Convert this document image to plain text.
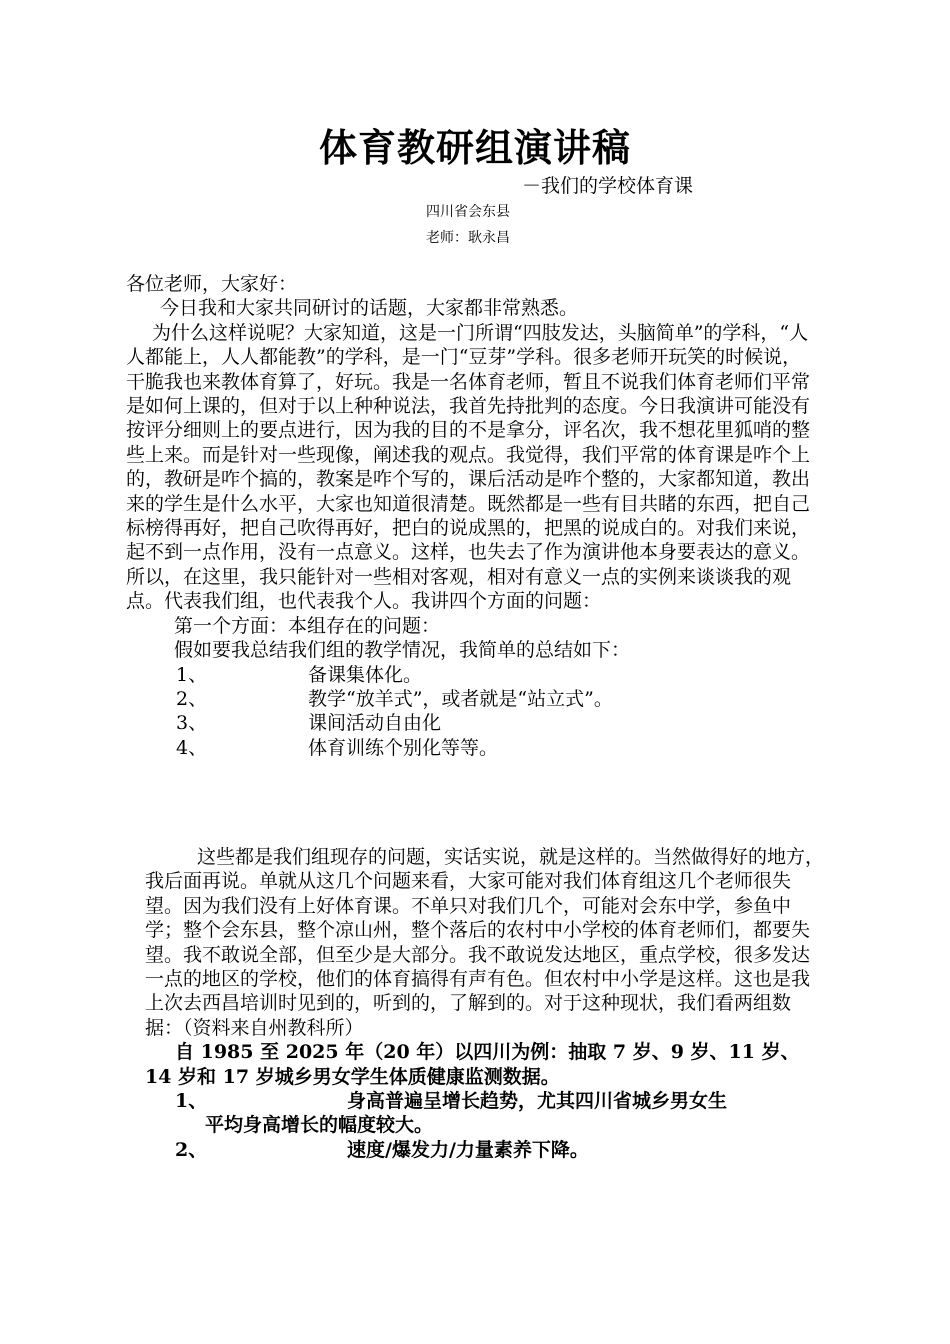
体育教研组演讲稿
－我们的学校体育课
四川省会东县
老师：耿永昌

各位老师，大家好：

今日我和大家共同研讨的话题，大家都非常熟悉。

为什么这样说呢？大家知道，这是一门所谓“四肢发达，头脑简单”的学科，“人人都能上，人人都能教”的学科，是一门“豆芽”学科。很多老师开玩笑的时候说，干脆我也来教体育算了，好玩。我是一名体育老师，暂且不说我们体育老师们平常是如何上课的，但对于以上种种说法，我首先持批判的态度。今日我演讲可能没有按评分细则上的要点进行，因为我的目的不是拿分，评名次，我不想花里狐哨的整些上来。而是针对一些现像，阐述我的观点。我觉得，我们平常的体育课是咋个上的，教研是咋个搞的，教案是咋个写的，课后活动是咋个整的，大家都知道，教出来的学生是什么水平，大家也知道很清楚。既然都是一些有目共睹的东西，把自己标榜得再好，把自己吹得再好，把白的说成黑的，把黑的说成白的。对我们来说，起不到一点作用，没有一点意义。这样，也失去了作为演讲他本身要表达的意义。所以，在这里，我只能针对一些相对客观，相对有意义一点的实例来谈谈我的观点。代表我们组，也代表我个人。我讲四个方面的问题：

第一个方面：本组存在的问题：

假如要我总结我们组的教学情况，我简单的总结如下：

1、	备课集体化。
2、	教学“放羊式”，或者就是“站立式”。
3、	课间活动自由化
4、	体育训练个别化等等。

这些都是我们组现存的问题，实话实说，就是这样的。当然做得好的地方，我后面再说。单就从这几个问题来看，大家可能对我们体育组这几个老师很失望。因为我们没有上好体育课。不单只对我们几个，可能对会东中学，参鱼中学；整个会东县，整个凉山州，整个落后的农村中小学校的体育老师们，都要失望。我不敢说全部，但至少是大部分。我不敢说发达地区，重点学校，很多发达一点的地区的学校，他们的体育搞得有声有色。但农村中小学是这样。这也是我上次去西昌培训时见到的，听到的，了解到的。对于这种现状，我们看两组数据：（资料来自州教科所）

自 1985 至 2025 年（20 年）以四川为例：抽取 7 岁、9 岁、11 岁、14 岁和 17 岁城乡男女学生体质健康监测数据。

1、	身高普遍呈增长趋势，尤其四川省城乡男女生

平均身高增长的幅度较大。

2、	速度/爆发力/力量素养下降。
